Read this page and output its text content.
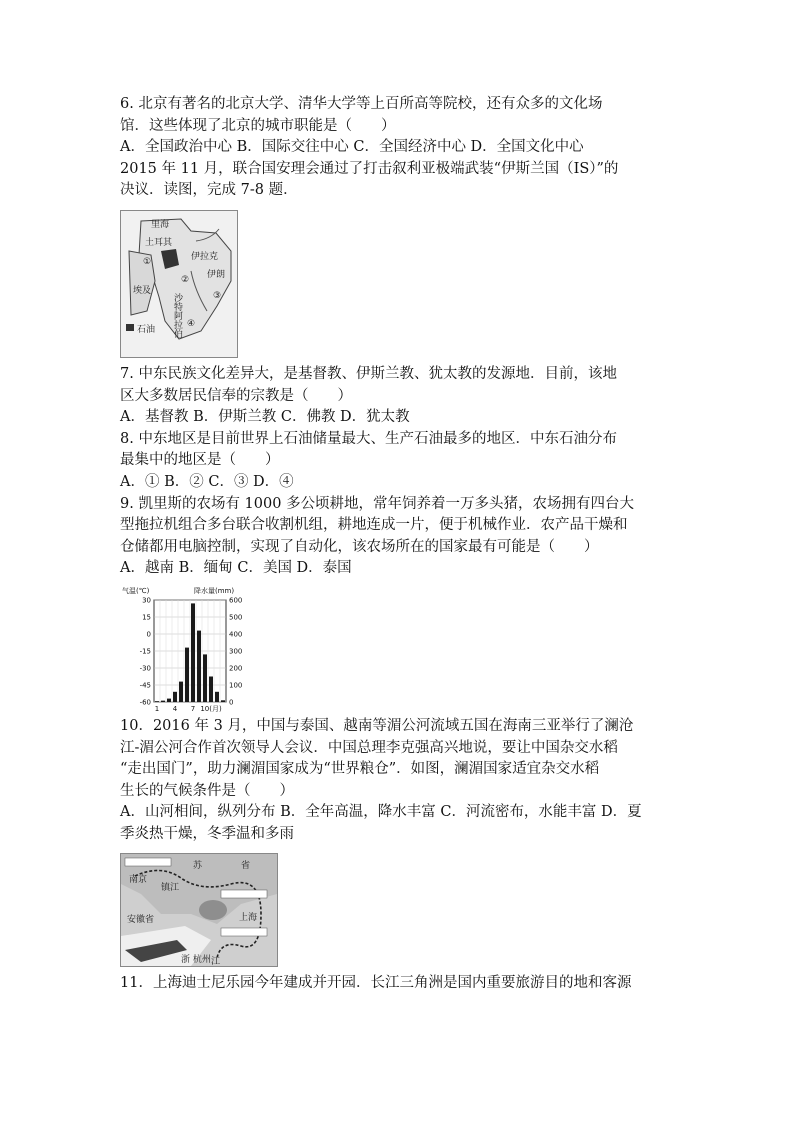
6. 北京有著名的北京大学、清华大学等上百所高等院校，还有众多的文化场
馆．这些体现了北京的城市职能是（　　）
A．全国政治中心 B．国际交往中心 C．全国经济中心 D．全国文化中心
2015 年 11 月，联合国安理会通过了打击叙利亚极端武装“伊斯兰国（IS）”的
决议．读图，完成 7-8 题．
里海
土耳其
伊拉克
伊朗
沙特阿拉伯
埃及
石油
①
②
③
④
7. 中东民族文化差异大，是基督教、伊斯兰教、犹太教的发源地．目前，该地
区大多数居民信奉的宗教是（　　）
A．基督教 B．伊斯兰教 C．佛教 D．犹太教
8. 中东地区是目前世界上石油储量最大、生产石油最多的地区．中东石油分布
最集中的地区是（　　）
A．① B．② C．③ D．④
9. 凯里斯的农场有 1000 多公顷耕地，常年饲养着一万多头猪，农场拥有四台大
型拖拉机组合多台联合收割机组，耕地连成一片，便于机械作业．农产品干燥和
仓储都用电脑控制，实现了自动化，该农场所在的国家最有可能是（　　）
A．越南 B．缅甸 C．美国 D．泰国
气温(℃)	降水量(mm)
30	600
15	500
0	400
-15	300
-30	200
-45	100
-60	0
1 4 7 10(月)
10．2016 年 3 月，中国与泰国、越南等湄公河流域五国在海南三亚举行了澜沧
江-湄公河合作首次领导人会议．中国总理李克强高兴地说，要让中国杂交水稻
“走出国门”，助力澜湄国家成为“世界粮仓”．如图，澜湄国家适宜杂交水稻
生长的气候条件是（　　）
A．山河相间，纵列分布 B．全年高温，降水丰富 C．河流密布，水能丰富 D．夏
季炎热干燥，冬季温和多雨
南京
镇江
安徽省
浙 杭州 江
苏	省
上海
11．上海迪士尼乐园今年建成并开园．长江三角洲是国内重要旅游目的地和客源
